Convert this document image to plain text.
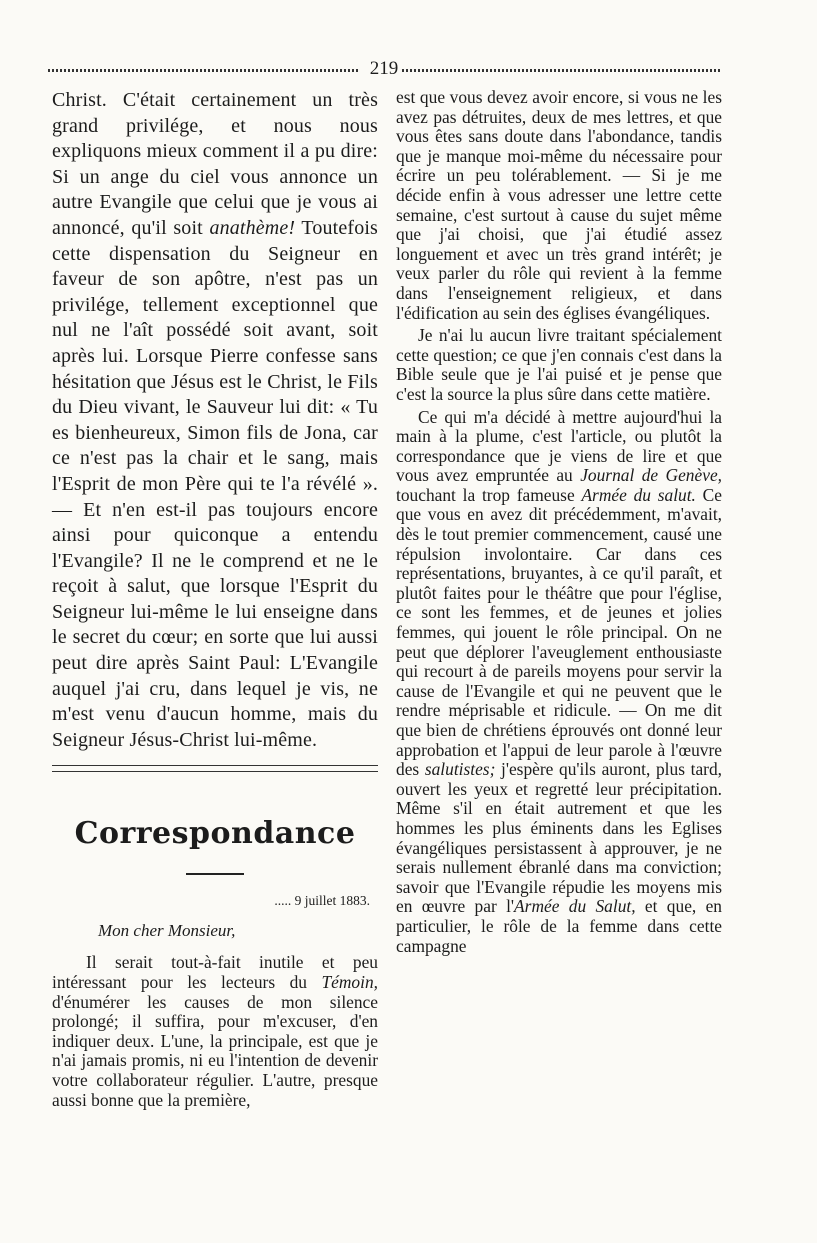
219

Christ. C'était certainement un très grand privilége, et nous nous expliquons mieux comment il a pu dire: Si un ange du ciel vous annonce un autre Evangile que celui que je vous ai annoncé, qu'il soit anathème! Toutefois cette dispensation du Seigneur en faveur de son apôtre, n'est pas un privilége, tellement exceptionnel que nul ne l'aît possédé soit avant, soit après lui. Lorsque Pierre confesse sans hésitation que Jésus est le Christ, le Fils du Dieu vivant, le Sauveur lui dit: « Tu es bienheureux, Simon fils de Jona, car ce n'est pas la chair et le sang, mais l'Esprit de mon Père qui te l'a révélé ». — Et n'en est-il pas toujours encore ainsi pour quiconque a entendu l'Evangile? Il ne le comprend et ne le reçoit à salut, que lorsque l'Esprit du Seigneur lui-même le lui enseigne dans le secret du cœur; en sorte que lui aussi peut dire après Saint Paul: L'Evangile auquel j'ai cru, dans lequel je vis, ne m'est venu d'aucun homme, mais du Seigneur Jésus-Christ lui-même.

Correspondance
..... 9 juillet 1883.
Mon cher Monsieur,

Il serait tout-à-fait inutile et peu intéressant pour les lecteurs du Témoin, d'énumérer les causes de mon silence prolongé; il suffira, pour m'excuser, d'en indiquer deux. L'une, la principale, est que je n'ai jamais promis, ni eu l'intention de devenir votre collaborateur régulier. L'autre, presque aussi bonne que la première,

est que vous devez avoir encore, si vous ne les avez pas détruites, deux de mes lettres, et que vous êtes sans doute dans l'abondance, tandis que je manque moi-même du nécessaire pour écrire un peu tolérablement. — Si je me décide enfin à vous adresser une lettre cette semaine, c'est surtout à cause du sujet même que j'ai choisi, que j'ai étudié assez longuement et avec un très grand intérêt; je veux parler du rôle qui revient à la femme dans l'enseignement religieux, et dans l'édification au sein des églises évangéliques.

Je n'ai lu aucun livre traitant spécialement cette question; ce que j'en connais c'est dans la Bible seule que je l'ai puisé et je pense que c'est la source la plus sûre dans cette matière.

Ce qui m'a décidé à mettre aujourd'hui la main à la plume, c'est l'article, ou plutôt la correspondance que je viens de lire et que vous avez empruntée au Journal de Genève, touchant la trop fameuse Armée du salut. Ce que vous en avez dit précédemment, m'avait, dès le tout premier commencement, causé une répulsion involontaire. Car dans ces représentations, bruyantes, à ce qu'il paraît, et plutôt faites pour le théâtre que pour l'église, ce sont les femmes, et de jeunes et jolies femmes, qui jouent le rôle principal. On ne peut que déplorer l'aveuglement enthousiaste qui recourt à de pareils moyens pour servir la cause de l'Evangile et qui ne peuvent que le rendre méprisable et ridicule. — On me dit que bien de chrétiens éprouvés ont donné leur approbation et l'appui de leur parole à l'œuvre des salutistes; j'espère qu'ils auront, plus tard, ouvert les yeux et regretté leur précipitation. Même s'il en était autrement et que les hommes les plus éminents dans les Eglises évangéliques persistassent à approuver, je ne serais nullement ébranlé dans ma conviction; savoir que l'Evangile répudie les moyens mis en œuvre par l'Armée du Salut, et que, en particulier, le rôle de la femme dans cette campagne
